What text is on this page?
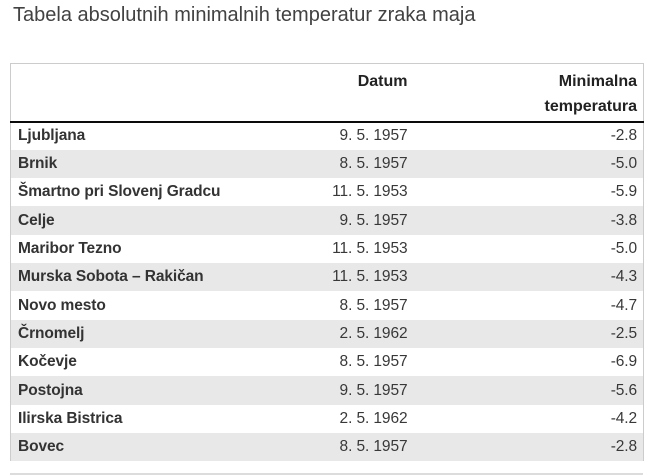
Tabela absolutnih minimalnih temperatur zraka maja
	Datum	Minimalna temperatura
Ljubljana	9. 5. 1957	-2.8
Brnik	8. 5. 1957	-5.0
Šmartno pri Slovenj Gradcu	11. 5. 1953	-5.9
Celje	9. 5. 1957	-3.8
Maribor Tezno	11. 5. 1953	-5.0
Murska Sobota – Rakičan	11. 5. 1953	-4.3
Novo mesto	8. 5. 1957	-4.7
Črnomelj	2. 5. 1962	-2.5
Kočevje	8. 5. 1957	-6.9
Postojna	9. 5. 1957	-5.6
Ilirska Bistrica	2. 5. 1962	-4.2
Bovec	8. 5. 1957	-2.8
